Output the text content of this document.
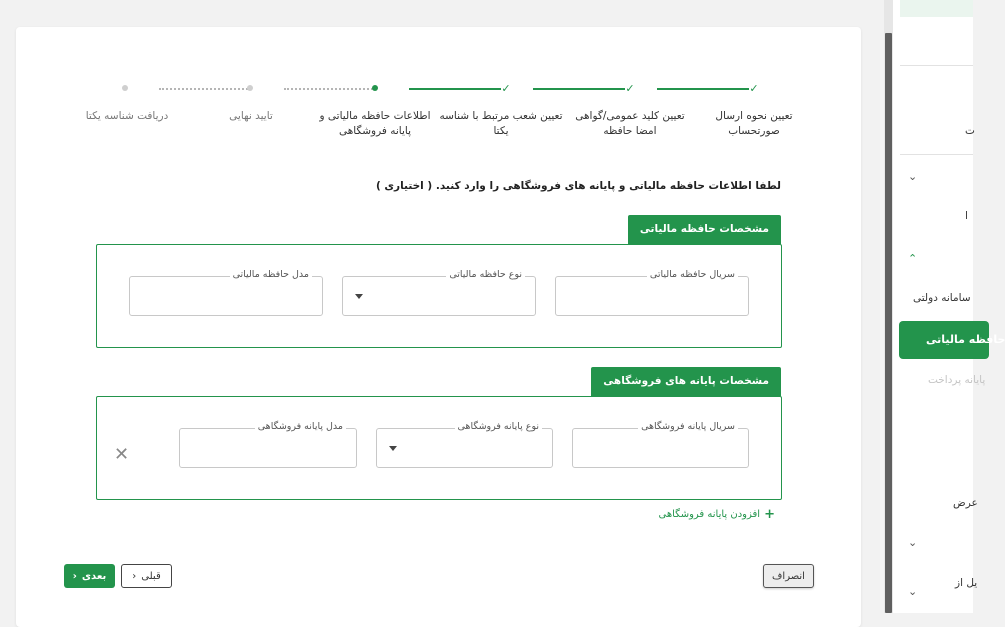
✓
✓
✓
تعیین نحوه ارسال صورتحساب
تعیین کلید عمومی/گواهی امضا حافظه
تعیین شعب مرتبط با شناسه یکتا
اطلاعات حافظه مالیاتی و پایانه فروشگاهی
تایید نهایی
دریافت شناسه یکتا
لطفا اطلاعات حافظه مالیاتی و پایانه های فروشگاهی را وارد کنید. ( اختیاری )
مشخصات حافظه مالیاتی
سریال حافظه مالیاتی
نوع حافظه مالیاتی
مدل حافظه مالیاتی
مشخصات پایانه های فروشگاهی
سریال پایانه فروشگاهی
نوع پایانه فروشگاهی
مدل پایانه فروشگاهی
✕
+
افزودن پایانه فروشگاهی
بعدی
‹	قبلی
‹	انصراف
ت
⌄
ا
⌃
سامانه دولتی
حافظه مالیاتی
پایانه پرداخت
عرض
⌄
یل از
⌄
